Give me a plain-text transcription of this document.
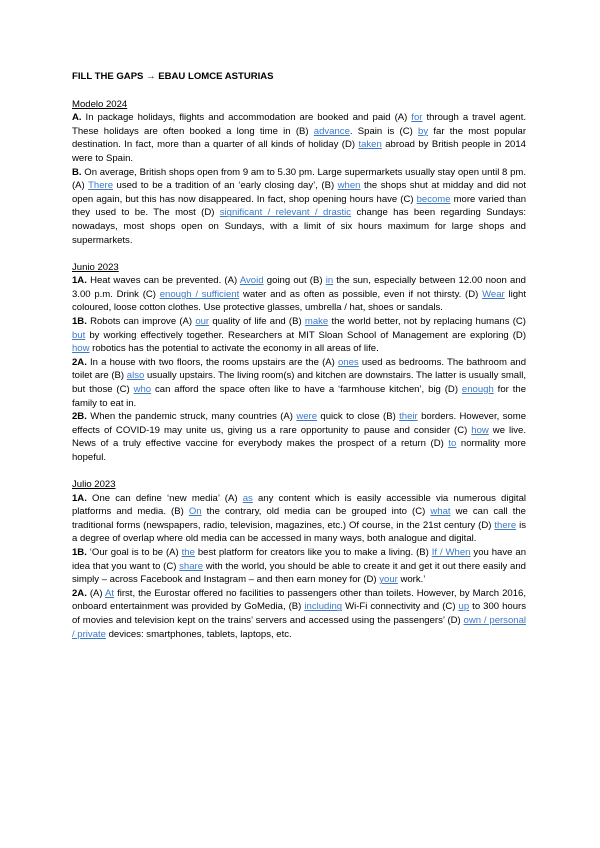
FILL THE GAPS → EBAU LOMCE ASTURIAS

Modelo 2024

A. In package holidays, flights and accommodation are booked and paid (A) for through a travel agent. These holidays are often booked a long time in (B) advance. Spain is (C) by far the most popular destination. In fact, more than a quarter of all kinds of holiday (D) taken abroad by British people in 2014 were to Spain.

B. On average, British shops open from 9 am to 5.30 pm. Large supermarkets usually stay open until 8 pm. (A) There used to be a tradition of an ‘early closing day’, (B) when the shops shut at midday and did not open again, but this has now disappeared. In fact, shop opening hours have (C) become more varied than they used to be. The most (D) significant / relevant / drastic change has been regarding Sundays: nowadays, most shops open on Sundays, with a limit of six hours maximum for large shops and supermarkets.

Junio 2023

1A. Heat waves can be prevented. (A) Avoid going out (B) in the sun, especially between 12.00 noon and 3.00 p.m. Drink (C) enough / sufficient water and as often as possible, even if not thirsty. (D) Wear light coloured, loose cotton clothes. Use protective glasses, umbrella / hat, shoes or sandals.

1B. Robots can improve (A) our quality of life and (B) make the world better, not by replacing humans (C) but by working effectively together. Researchers at MIT Sloan School of Management are exploring (D) how robotics has the potential to activate the economy in all areas of life.

2A. In a house with two floors, the rooms upstairs are the (A) ones used as bedrooms. The bathroom and toilet are (B) also usually upstairs. The living room(s) and kitchen are downstairs. The latter is usually small, but those (C) who can afford the space often like to have a ‘farmhouse kitchen’, big (D) enough for the family to eat in.

2B. When the pandemic struck, many countries (A) were quick to close (B) their borders. However, some effects of COVID-19 may unite us, giving us a rare opportunity to pause and consider (C) how we live. News of a truly effective vaccine for everybody makes the prospect of a return (D) to normality more hopeful.

Julio 2023

1A. One can define ‘new media’ (A) as any content which is easily accessible via numerous digital platforms and media. (B) On the contrary, old media can be grouped into (C) what we can call the traditional forms (newspapers, radio, television, magazines, etc.) Of course, in the 21st century (D) there is a degree of overlap where old media can be accessed in many ways, both analogue and digital.

1B. ‘Our goal is to be (A) the best platform for creators like you to make a living. (B) If / When you have an idea that you want to (C) share with the world, you should be able to create it and get it out there easily and simply – across Facebook and Instagram – and then earn money for (D) your work.’

2A. (A) At first, the Eurostar offered no facilities to passengers other than toilets. However, by March 2016, onboard entertainment was provided by GoMedia, (B) including Wi-Fi connectivity and (C) up to 300 hours of movies and television kept on the trains’ servers and accessed using the passengers’ (D) own / personal / private devices: smartphones, tablets, laptops, etc.
